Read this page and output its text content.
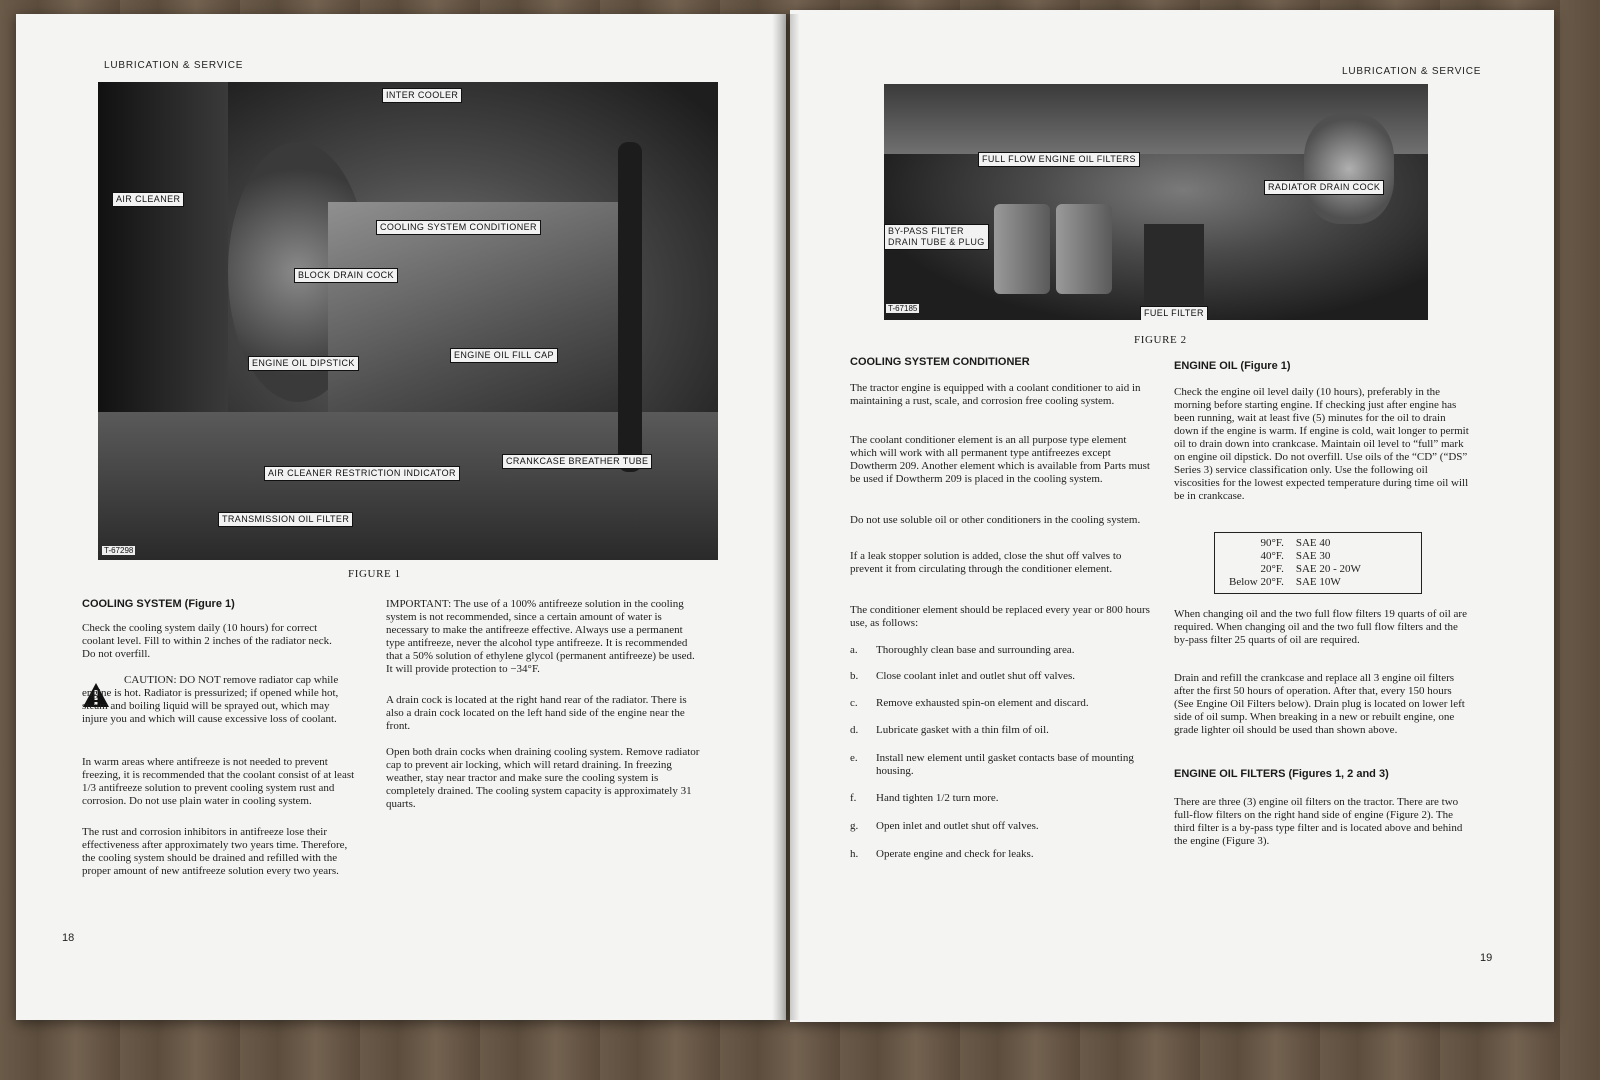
LUBRICATION & SERVICE
INTER COOLER
AIR CLEANER
COOLING SYSTEM CONDITIONER
BLOCK DRAIN COCK
ENGINE OIL DIPSTICK
ENGINE OIL FILL CAP
CRANKCASE BREATHER TUBE
AIR CLEANER RESTRICTION INDICATOR
TRANSMISSION OIL FILTER
T-67298
FIGURE 1
COOLING SYSTEM (Figure 1)
Check the cooling system daily (10 hours) for correct coolant level. Fill to within 2 inches of the radiator neck. Do not overfill.
CAUTION: DO NOT remove radiator cap while engine is hot. Radiator is pressurized; if opened while hot, steam and boiling liquid will be sprayed out, which may injure you and which will cause excessive loss of coolant.
In warm areas where antifreeze is not needed to prevent freezing, it is recommended that the coolant consist of at least 1/3 antifreeze solution to prevent cooling system rust and corrosion. Do not use plain water in cooling system.
The rust and corrosion inhibitors in antifreeze lose their effectiveness after approximately two years time. Therefore, the cooling system should be drained and refilled with the proper amount of new antifreeze solution every two years.
IMPORTANT: The use of a 100% antifreeze solution in the cooling system is not recommended, since a certain amount of water is necessary to make the antifreeze effective. Always use a permanent type antifreeze, never the alcohol type antifreeze. It is recommended that a 50% solution of ethylene glycol (permanent antifreeze) be used. It will provide protection to −34°F.
A drain cock is located at the right hand rear of the radiator. There is also a drain cock located on the left hand side of the engine near the front.
Open both drain cocks when draining cooling system. Remove radiator cap to prevent air locking, which will retard draining. In freezing weather, stay near tractor and make sure the cooling system is completely drained. The cooling system capacity is approximately 31 quarts.
18
LUBRICATION & SERVICE
FULL FLOW ENGINE OIL FILTERS
RADIATOR DRAIN COCK
BY-PASS FILTER
DRAIN TUBE & PLUG
FUEL FILTER
T-67185
FIGURE 2
COOLING SYSTEM CONDITIONER
The tractor engine is equipped with a coolant conditioner to aid in maintaining a rust, scale, and corrosion free cooling system.
The coolant conditioner element is an all purpose type element which will work with all permanent type antifreezes except Dowtherm 209. Another element which is available from Parts must be used if Dowtherm 209 is placed in the cooling system.
Do not use soluble oil or other conditioners in the cooling system.
If a leak stopper solution is added, close the shut off valves to prevent it from circulating through the conditioner element.
The conditioner element should be replaced every year or 800 hours use, as follows:
a. Thoroughly clean base and surrounding area.
b. Close coolant inlet and outlet shut off valves.
c. Remove exhausted spin-on element and discard.
d. Lubricate gasket with a thin film of oil.
e.	Install new element until gasket contacts base of mounting housing.
f. Hand tighten 1/2 turn more.
g. Open inlet and outlet shut off valves.
h. Operate engine and check for leaks.
ENGINE OIL (Figure 1)
Check the engine oil level daily (10 hours), preferably in the morning before starting engine. If checking just after engine has been running, wait at least five (5) minutes for the oil to drain down if the engine is warm. If engine is cold, wait longer to permit oil to drain down into crankcase. Maintain oil level to “full” mark on engine oil dipstick. Do not overfill. Use oils of the “CD” (“DS” Series 3) service classification only. Use the following oil viscosities for the lowest expected temperature during time oil will be in crankcase.
90°F.	SAE 40
40°F.	SAE 30
20°F.	SAE 20 - 20W
Below 20°F.	SAE 10W
When changing oil and the two full flow filters 19 quarts of oil are required. When changing oil and the two full flow filters and the by-pass filter 25 quarts of oil are required.
Drain and refill the crankcase and replace all 3 engine oil filters after the first 50 hours of operation. After that, every 150 hours (See Engine Oil Filters below). Drain plug is located on lower left side of oil sump. When breaking in a new or rebuilt engine, one grade lighter oil should be used than shown above.
ENGINE OIL FILTERS (Figures 1, 2 and 3)
There are three (3) engine oil filters on the tractor. There are two full-flow filters on the right hand side of engine (Figure 2). The third filter is a by-pass type filter and is located above and behind the engine (Figure 3).
19
